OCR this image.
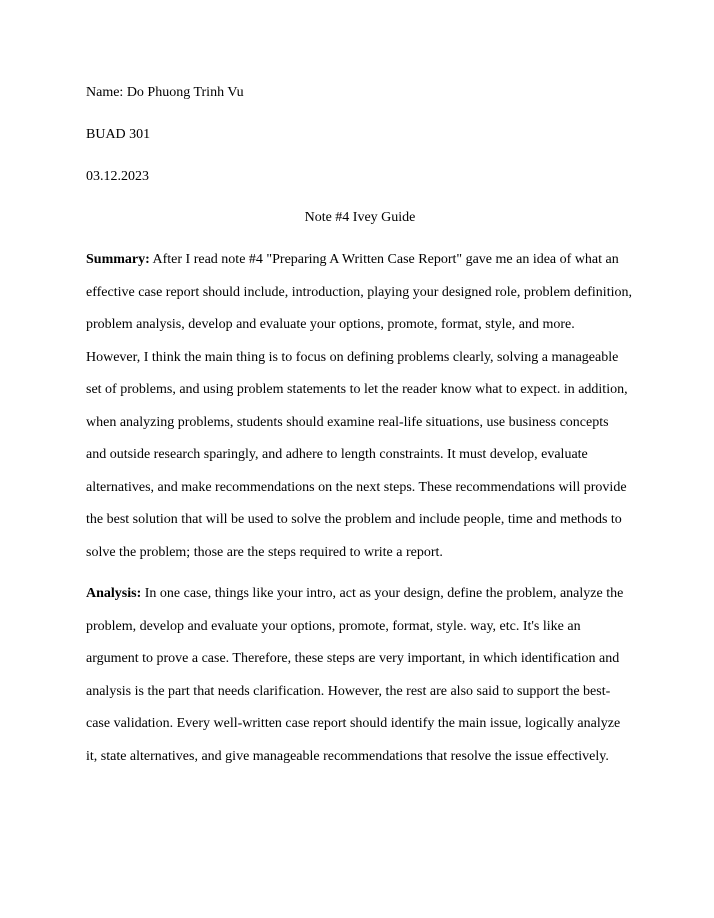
Name: Do Phuong Trinh Vu

BUAD 301

03.12.2023

Note #4 Ivey Guide

Summary: After I read note #4 "Preparing A Written Case Report" gave me an idea of what an
effective case report should include, introduction, playing your designed role, problem definition,
problem analysis, develop and evaluate your options, promote, format, style, and more.
However, I think the main thing is to focus on defining problems clearly, solving a manageable
set of problems, and using problem statements to let the reader know what to expect. in addition,
when analyzing problems, students should examine real-life situations, use business concepts
and outside research sparingly, and adhere to length constraints. It must develop, evaluate
alternatives, and make recommendations on the next steps. These recommendations will provide
the best solution that will be used to solve the problem and include people, time and methods to
solve the problem; those are the steps required to write a report.
Analysis: In one case, things like your intro, act as your design, define the problem, analyze the
problem, develop and evaluate your options, promote, format, style. way, etc. It's like an
argument to prove a case. Therefore, these steps are very important, in which identification and
analysis is the part that needs clarification. However, the rest are also said to support the best-
case validation. Every well-written case report should identify the main issue, logically analyze
it, state alternatives, and give manageable recommendations that resolve the issue effectively.
